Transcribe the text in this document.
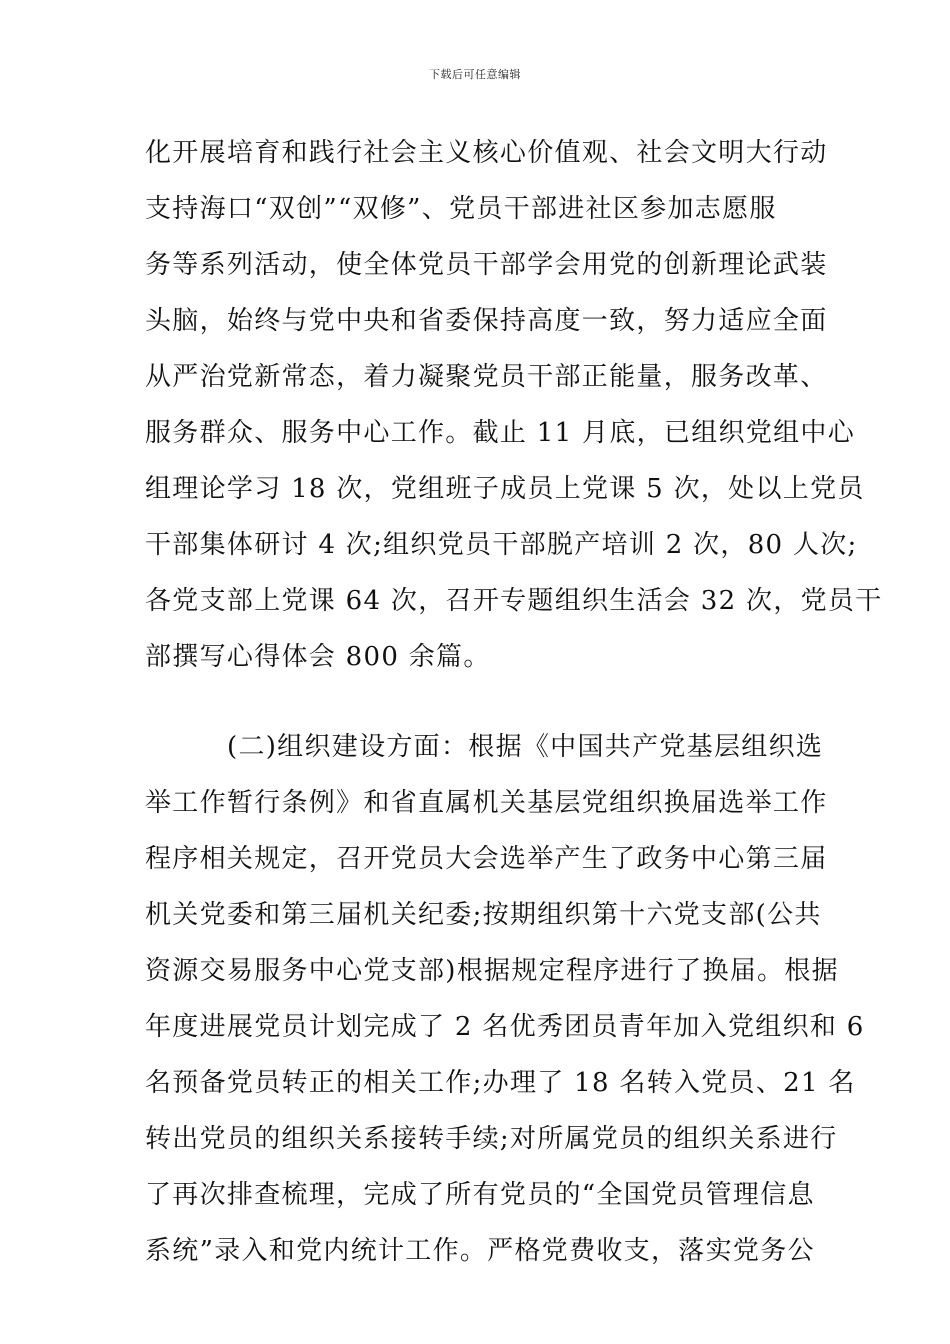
下载后可任意编辑
化开展培育和践行社会主义核心价值观、社会文明大行动
支持海口“双创”“双修”、党员干部进社区参加志愿服
务等系列活动，使全体党员干部学会用党的创新理论武装
头脑，始终与党中央和省委保持高度一致，努力适应全面
从严治党新常态，着力凝聚党员干部正能量，服务改革、
服务群众、服务中心工作。截止 11 月底，已组织党组中心
组理论学习 18 次，党组班子成员上党课 5 次，处以上党员
干部集体研讨 4 次;组织党员干部脱产培训 2 次，80 人次;
各党支部上党课 64 次，召开专题组织生活会 32 次，党员干
部撰写心得体会 800 余篇。
(二)组织建设方面：根据《中国共产党基层组织选
举工作暂行条例》和省直属机关基层党组织换届选举工作
程序相关规定，召开党员大会选举产生了政务中心第三届
机关党委和第三届机关纪委;按期组织第十六党支部(公共
资源交易服务中心党支部)根据规定程序进行了换届。根据
年度进展党员计划完成了 2 名优秀团员青年加入党组织和 6
名预备党员转正的相关工作;办理了 18 名转入党员、21 名
转出党员的组织关系接转手续;对所属党员的组织关系进行
了再次排查梳理，完成了所有党员的“全国党员管理信息
系统”录入和党内统计工作。严格党费收支，落实党务公
